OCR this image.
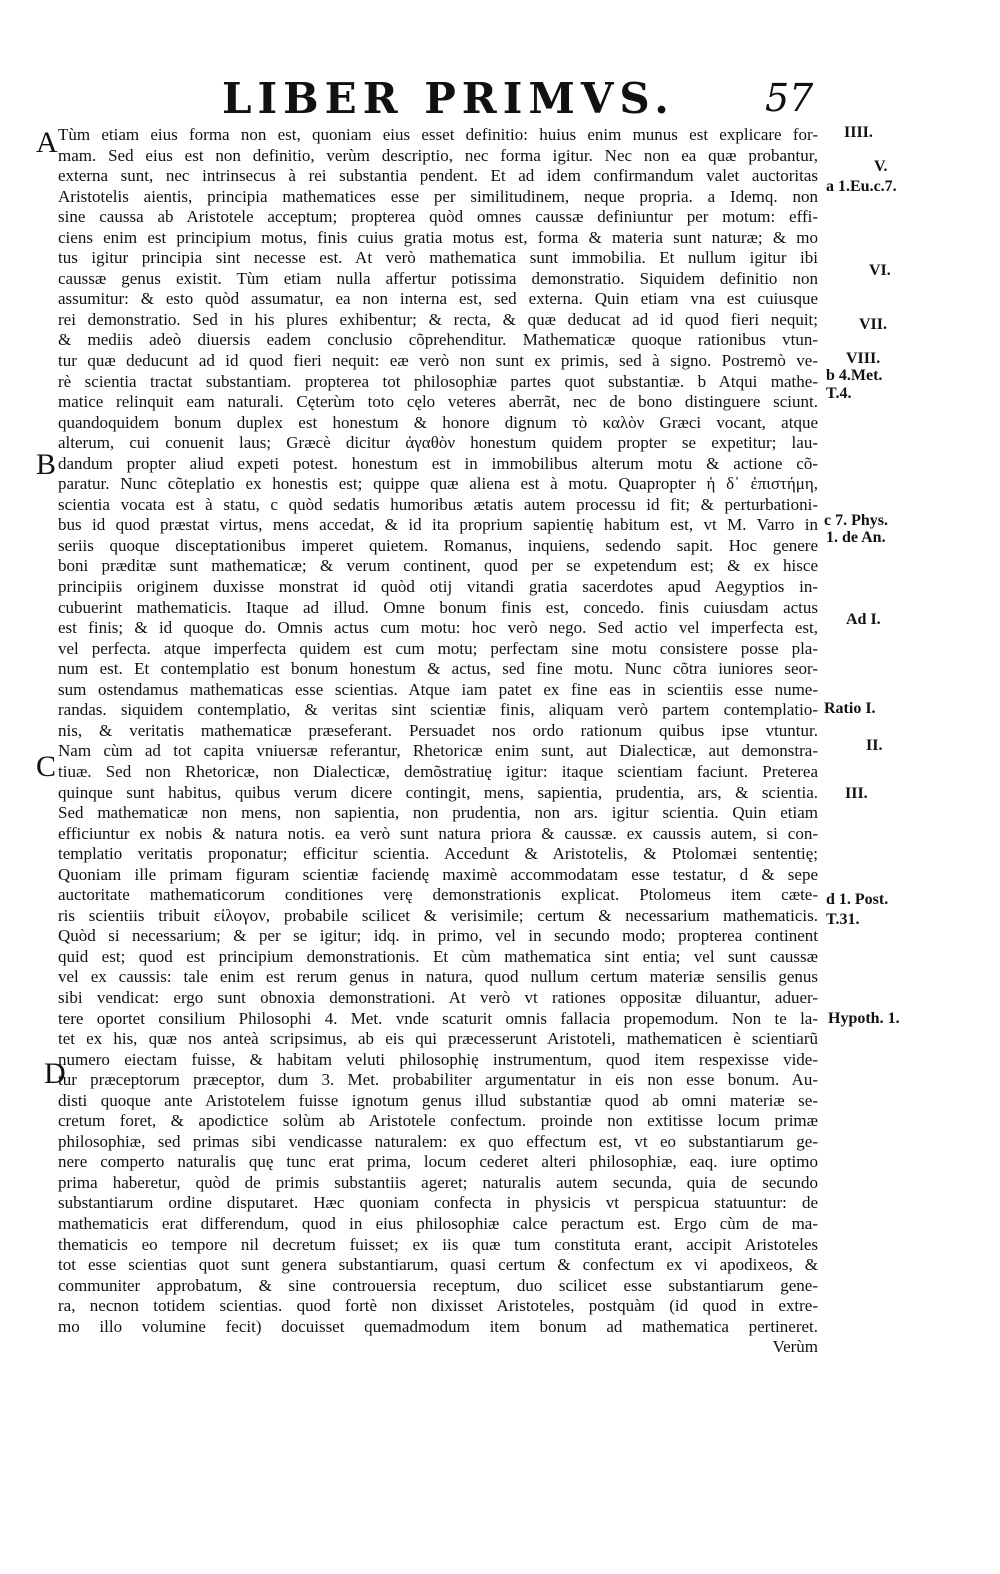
LIBER PRIMVS. 57
A
B
C
D
IIII.
V.
a 1.Eu.c.7.
VI.
VII.
VIII.
b 4.Met.
T.4.
c 7. Phys.
1. de An.
Ad I.
Ratio I.
II.
III.
d 1. Post.
T.31.
Hypoth. 1.
Tùm etiam eius forma non est, quoniam eius esset definitio: huius enim munus est explicare for-
mam. Sed eius est non definitio, verùm descriptio, nec forma igitur. Nec non ea quæ probantur,
externa sunt, nec intrinsecus à rei substantia pendent. Et ad idem confirmandum valet auctoritas
Aristotelis aientis, principia mathematices esse per similitudinem, neque propria. a Idemq. non
sine caussa ab Aristotele acceptum; propterea quòd omnes caussæ definiuntur per motum: effi-
ciens enim est principium motus, finis cuius gratia motus est, forma & materia sunt naturæ; & mo
tus igitur principia sint necesse est. At verò mathematica sunt immobilia. Et nullum igitur ibi
caussæ genus existit. Tùm etiam nulla affertur potissima demonstratio. Siquidem definitio non
assumitur: & esto quòd assumatur, ea non interna est, sed externa. Quin etiam vna est cuiusque
rei demonstratio. Sed in his plures exhibentur; & recta, & quæ deducat ad id quod fieri nequit;
& mediis adeò diuersis eadem conclusio cõprehenditur. Mathematicæ quoque rationibus vtun-
tur quæ deducunt ad id quod fieri nequit: eæ verò non sunt ex primis, sed à signo. Postremò ve-
rè scientia tractat substantiam. propterea tot philosophiæ partes quot substantiæ. b Atqui mathe-
matice relinquit eam naturali. Cęterùm toto cęlo veteres aberrãt, nec de bono distinguere sciunt.
quandoquidem bonum duplex est honestum & honore dignum τὸ καλὸν Græci vocant, atque
alterum, cui conuenit laus; Græcè dicitur ἀγαθὸν honestum quidem propter se expetitur; lau-
dandum propter aliud expeti potest. honestum est in immobilibus alterum motu & actione cõ-
paratur. Nunc cõteplatio ex honestis est; quippe quæ aliena est à motu. Quapropter ἡ δ᾽ ἐπιστήμη,
scientia vocata est à statu, c quòd sedatis humoribus ætatis autem processu id fit; & perturbationi-
bus id quod præstat virtus, mens accedat, & id ita proprium sapientię habitum est, vt M. Varro in
seriis quoque disceptationibus imperet quietem. Romanus, inquiens, sedendo sapit. Hoc genere
boni præditæ sunt mathematicæ; & verum continent, quod per se expetendum est; & ex hisce
principiis originem duxisse monstrat id quòd otij vitandi gratia sacerdotes apud Aegyptios in-
cubuerint mathematicis. Itaque ad illud. Omne bonum finis est, concedo. finis cuiusdam actus
est finis; & id quoque do. Omnis actus cum motu: hoc verò nego. Sed actio vel imperfecta est,
vel perfecta. atque imperfecta quidem est cum motu; perfectam sine motu consistere posse pla-
num est. Et contemplatio est bonum honestum & actus, sed fine motu. Nunc cõtra iuniores seor-
sum ostendamus mathematicas esse scientias. Atque iam patet ex fine eas in scientiis esse nume-
randas. siquidem contemplatio, & veritas sint scientiæ finis, aliquam verò partem contemplatio-
nis, & veritatis mathematicæ præseferant. Persuadet nos ordo rationum quibus ipse vtuntur.
Nam cùm ad tot capita vniuersæ referantur, Rhetoricæ enim sunt, aut Dialecticæ, aut demonstra-
tiuæ. Sed non Rhetoricæ, non Dialecticæ, demõstratiuę igitur: itaque scientiam faciunt. Preterea
quinque sunt habitus, quibus verum dicere contingit, mens, sapientia, prudentia, ars, & scientia.
Sed mathematicæ non mens, non sapientia, non prudentia, non ars. igitur scientia. Quin etiam
efficiuntur ex nobis & natura notis. ea verò sunt natura priora & caussæ. ex caussis autem, si con-
templatio veritatis proponatur; efficitur scientia. Accedunt & Aristotelis, & Ptolomæi sententię;
Quoniam ille primam figuram scientiæ faciendę maximè accommodatam esse testatur, d & sepe
auctoritate mathematicorum conditiones verę demonstrationis explicat. Ptolomeus item cæte-
ris scientiis tribuit εἰλογον, probabile scilicet & verisimile; certum & necessarium mathematicis.
Quòd si necessarium; & per se igitur; idq. in primo, vel in secundo modo; propterea continent
quid est; quod est principium demonstrationis. Et cùm mathematica sint entia; vel sunt caussæ
vel ex caussis: tale enim est rerum genus in natura, quod nullum certum materiæ sensilis genus
sibi vendicat: ergo sunt obnoxia demonstrationi. At verò vt rationes oppositæ diluantur, aduer-
tere oportet consilium Philosophi 4. Met. vnde scaturit omnis fallacia propemodum. Non te la-
tet ex his, quæ nos anteà scripsimus, ab eis qui præcesserunt Aristoteli, mathematicen è scientiarũ
numero eiectam fuisse, & habitam veluti philosophię instrumentum, quod item respexisse vide-
tur præceptorum præceptor, dum 3. Met. probabiliter argumentatur in eis non esse bonum. Au-
disti quoque ante Aristotelem fuisse ignotum genus illud substantiæ quod ab omni materiæ se-
cretum foret, & apodictice solùm ab Aristotele confectum. proinde non extitisse locum primæ
philosophiæ, sed primas sibi vendicasse naturalem: ex quo effectum est, vt eo substantiarum ge-
nere comperto naturalis quę tunc erat prima, locum cederet alteri philosophiæ, eaq. iure optimo
prima haberetur, quòd de primis substantiis ageret; naturalis autem secunda, quia de secundo
substantiarum ordine disputaret. Hæc quoniam confecta in physicis vt perspicua statuuntur: de
mathematicis erat differendum, quod in eius philosophiæ calce peractum est. Ergo cùm de ma-
thematicis eo tempore nil decretum fuisset; ex iis quæ tum constituta erant, accipit Aristoteles
tot esse scientias quot sunt genera substantiarum, quasi certum & confectum ex vi apodixeos, &
communiter approbatum, & sine controuersia receptum, duo scilicet esse substantiarum gene-
ra, necnon totidem scientias. quod fortè non dixisset Aristoteles, postquàm (id quod in extre-
mo illo volumine fecit) docuisset quemadmodum item bonum ad mathematica pertineret.
Verùm
